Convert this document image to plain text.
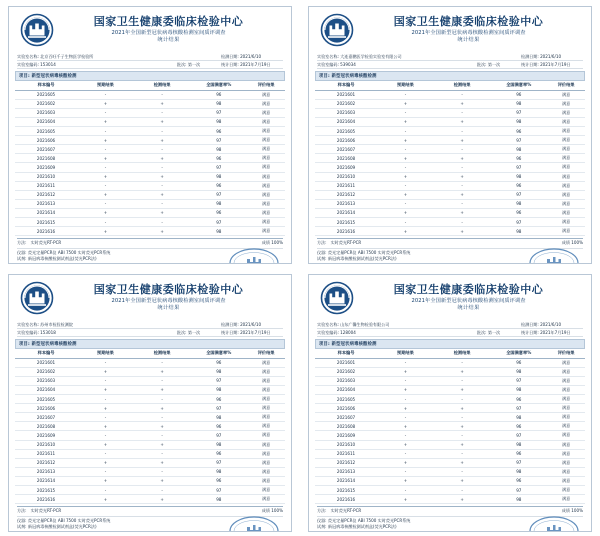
国家卫生健康委临床检验中心
2021年全国新型冠状病毒核酸检测室间质评调查
统计结果
实验室名称: 北京百旺千子生物医学检验所	检测日期: 2021/6/10
实验室编码: 153014	批次: 第一次	统计日期: 2021年7月19日
项目: 新型冠状病毒核酸检测
样本编号	预期结果	检测结果	全国满意率%	评价结果
2021605	-	-	96	满意
2021602	+	+	98	满意
2021603	-	-	97	满意
2021604	+	+	98	满意
2021605	-	-	96	满意
2021606	+	+	97	满意
2021607	-	-	98	满意
2021608	+	+	96	满意
2021609	-	-	97	满意
2021610	+	+	98	满意
2021611	-	-	96	满意
2021612	+	+	97	满意
2021613	-	-	98	满意
2021614	+	+	96	满意
2021615	-	-	97	满意
2021616	+	+	98	满意
方法: 实时荧光RT-PCR	成绩 100%
仪器: 荧光定量PCR仪 ABI 7500 实时荧光PCR系统
试剂: 新冠病毒核酸检测试剂盒(荧光PCR法)
国家卫生健康委临床检验中心
2021年全国新型冠状病毒核酸检测室间质评调查
统计结果
实验室名称: 大连嘉鹏医学检验实验室有限公司	检测日期: 2021/6/10
实验室编码: 539034	批次: 第一次	统计日期: 2021年7月19日
项目: 新型冠状病毒核酸检测
样本编号	预期结果	检测结果	全国满意率%	评价结果
2021601	-	-	96	满意
2021602	+	+	98	满意
2021603	-	-	97	满意
2021604	+	+	98	满意
2021605	-	-	96	满意
2021606	+	+	97	满意
2021607	-	-	98	满意
2021608	+	+	96	满意
2021609	-	-	97	满意
2021610	+	+	98	满意
2021611	-	-	96	满意
2021612	+	+	97	满意
2021613	-	-	98	满意
2021614	+	+	96	满意
2021615	-	-	97	满意
2021616	+	+	98	满意
方法: 实时荧光RT-PCR	成绩 100%
仪器: 荧光定量PCR仪 ABI 7500 实时荧光PCR系统
试剂: 新冠病毒核酸检测试剂盒(荧光PCR法)
国家卫生健康委临床检验中心
2021年全国新型冠状病毒核酸检测室间质评调查
统计结果
实验室名称: 苏州市检验检测院	检测日期: 2021/6/10
实验室编码: 153018	批次: 第一次	统计日期: 2021年7月19日
项目: 新型冠状病毒核酸检测
样本编号	预期结果	检测结果	全国满意率%	评价结果
2021601	-	-	96	满意
2021602	+	+	98	满意
2021603	-	-	97	满意
2021604	+	+	98	满意
2021605	-	-	96	满意
2021606	+	+	97	满意
2021607	-	-	98	满意
2021608	+	+	96	满意
2021609	-	-	97	满意
2021610	+	+	98	满意
2021611	-	-	96	满意
2021612	+	+	97	满意
2021613	-	-	98	满意
2021614	+	+	96	满意
2021615	-	-	97	满意
2021616	+	+	98	满意
方法: 实时荧光RT-PCR	成绩 100%
仪器: 荧光定量PCR仪 ABI 7500 实时荧光PCR系统
试剂: 新冠病毒核酸检测试剂盒(荧光PCR法)
国家卫生健康委临床检验中心
2021年全国新型冠状病毒核酸检测室间质评调查
统计结果
实验室名称: 山东广馨生物检验有限公司	检测日期: 2021/6/10
实验室编码: 128004	批次: 第一次	统计日期: 2021年7月19日
项目: 新型冠状病毒核酸检测
样本编号	预期结果	检测结果	全国满意率%	评价结果
2021601	-	-	96	满意
2021602	+	+	98	满意
2021603	-	-	97	满意
2021604	+	+	98	满意
2021605	-	-	96	满意
2021606	+	+	97	满意
2021607	-	-	98	满意
2021608	+	+	96	满意
2021609	-	-	97	满意
2021610	+	+	98	满意
2021611	-	-	96	满意
2021612	+	+	97	满意
2021613	-	-	98	满意
2021614	+	+	96	满意
2021615	-	-	97	满意
2021616	+	+	98	满意
方法: 实时荧光RT-PCR	成绩 100%
仪器: 荧光定量PCR仪 ABI 7500 实时荧光PCR系统
试剂: 新冠病毒核酸检测试剂盒(荧光PCR法)
